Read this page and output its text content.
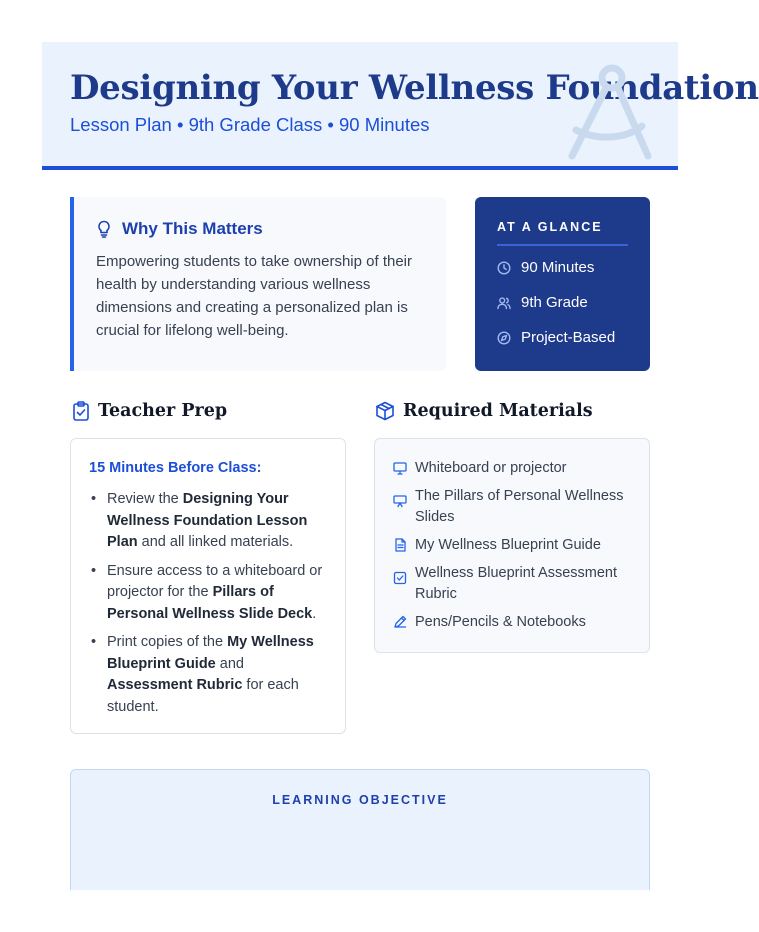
Designing Your Wellness Foundation
Lesson Plan • 9th Grade Class • 90 Minutes
Why This Matters
Empowering students to take ownership of their health by understanding various wellness dimensions and creating a personalized plan is crucial for lifelong well-being.
AT A GLANCE
90 Minutes
9th Grade
Project-Based
Teacher Prep	Required Materials
15 Minutes Before Class:
• Review the Designing Your Wellness Foundation Lesson Plan and all linked materials.
• Ensure access to a whiteboard or projector for the Pillars of Personal Wellness Slide Deck.
• Print copies of the My Wellness Blueprint Guide and Assessment Rubric for each student.
Whiteboard or projector
The Pillars of Personal Wellness Slides
My Wellness Blueprint Guide
Wellness Blueprint Assessment Rubric
Pens/Pencils & Notebooks
LEARNING OBJECTIVE
